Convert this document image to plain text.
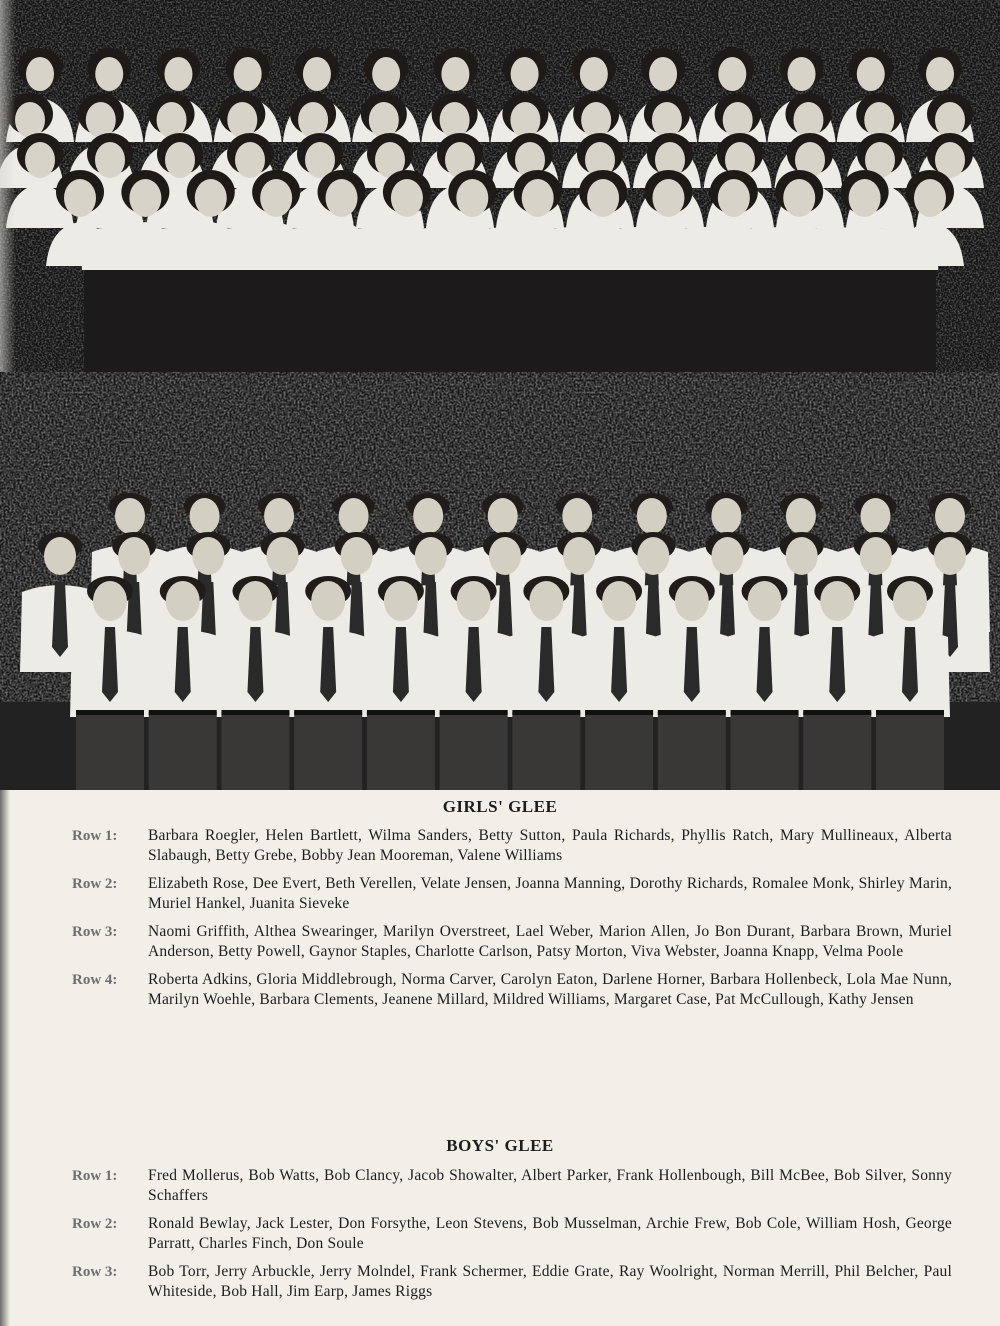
GIRLS' GLEE
Row 1:	Barbara Roegler, Helen Bartlett, Wilma Sanders, Betty Sutton, Paula Richards, Phyllis Ratch, Mary Mullineaux, Alberta Slabaugh, Betty Grebe, Bobby Jean Mooreman, Valene Williams
Row 2:	Elizabeth Rose, Dee Evert, Beth Verellen, Velate Jensen, Joanna Manning, Dorothy Richards, Romalee Monk, Shirley Marin, Muriel Hankel, Juanita Sieveke
Row 3:	Naomi Griffith, Althea Swearinger, Marilyn Overstreet, Lael Weber, Marion Allen, Jo Bon Durant, Barbara Brown, Muriel Anderson, Betty Powell, Gaynor Staples, Charlotte Carlson, Patsy Morton, Viva Webster, Joanna Knapp, Velma Poole
Row 4:	Roberta Adkins, Gloria Middlebrough, Norma Carver, Carolyn Eaton, Darlene Horner, Barbara Hollenbeck, Lola Mae Nunn, Marilyn Woehle, Barbara Clements, Jeanene Millard, Mildred Williams, Margaret Case, Pat McCullough, Kathy Jensen
BOYS' GLEE
Row 1:	Fred Mollerus, Bob Watts, Bob Clancy, Jacob Showalter, Albert Parker, Frank Hollenbough, Bill McBee, Bob Silver, Sonny Schaffers
Row 2:	Ronald Bewlay, Jack Lester, Don Forsythe, Leon Stevens, Bob Musselman, Archie Frew, Bob Cole, William Hosh, George Parratt, Charles Finch, Don Soule
Row 3:	Bob Torr, Jerry Arbuckle, Jerry Molndel, Frank Schermer, Eddie Grate, Ray Woolright, Norman Merrill, Phil Belcher, Paul Whiteside, Bob Hall, Jim Earp, James Riggs
